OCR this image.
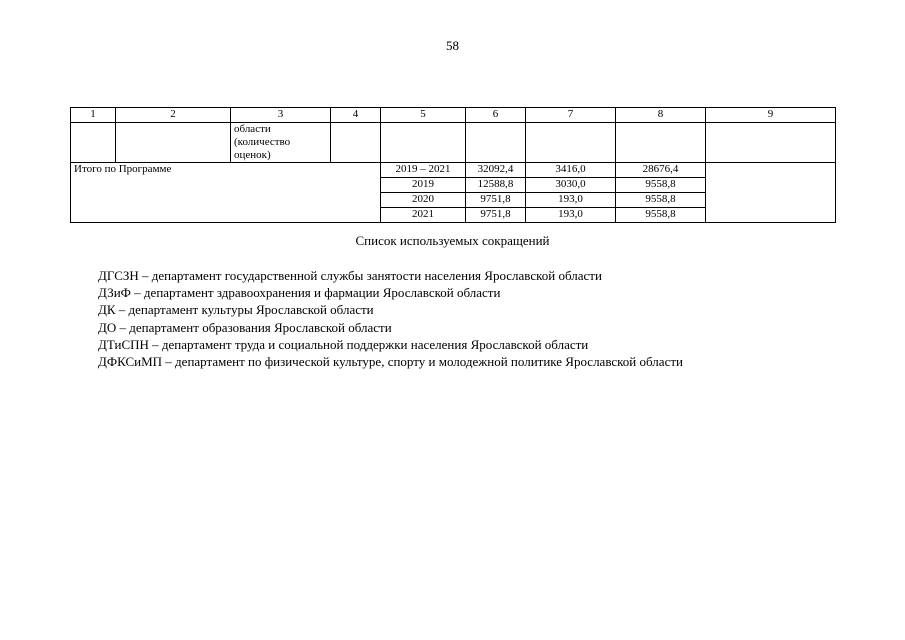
58
1	2	3	4	5	6	7	8	9
		области (количество оценок)						
Итого по Программе				2019 – 2021	32092,4	3416,0	28676,4	
				2019	12588,8	3030,0	9558,8	
				2020	9751,8	193,0	9558,8	
				2021	9751,8	193,0	9558,8	
Список используемых сокращений
ДГСЗН – департамент государственной службы занятости населения Ярославской области
ДЗиФ – департамент здравоохранения и фармации Ярославской области
ДК – департамент культуры Ярославской области
ДО – департамент образования Ярославской области
ДТиСПН – департамент труда и социальной поддержки населения Ярославской области
ДФКСиМП – департамент по физической культуре, спорту и молодежной политике Ярославской области
